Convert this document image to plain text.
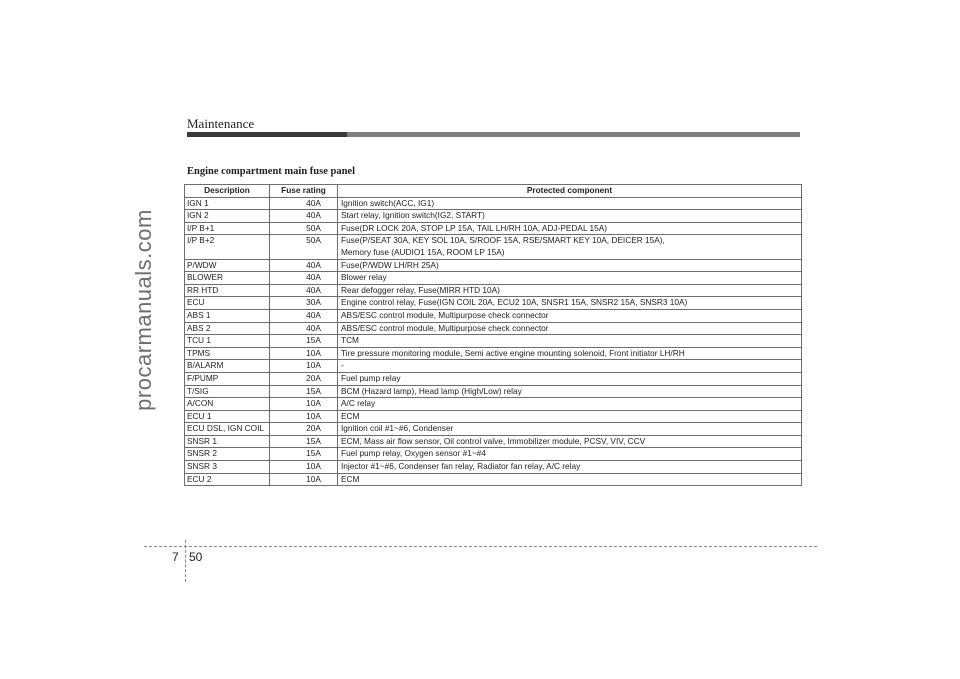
Maintenance
procarmanuals.com
Engine compartment main fuse panel
Description	Fuse rating	Protected component
IGN 1	40A	Ignition switch(ACC, IG1)
IGN 2	40A	Start relay, Ignition switch(IG2, START)
I/P B+1	50A	Fuse(DR LOCK 20A, STOP LP 15A, TAIL LH/RH 10A, ADJ-PEDAL 15A)
I/P B+2	50A	Fuse(P/SEAT 30A, KEY SOL 10A, S/ROOF 15A, RSE/SMART KEY 10A, DEICER 15A),
Memory fuse (AUDIO1 15A, ROOM LP 15A)
P/WDW	40A	Fuse(P/WDW LH/RH 25A)
BLOWER	40A	Blower relay
RR HTD	40A	Rear defogger relay, Fuse(MIRR HTD 10A)
ECU	30A	Engine control relay, Fuse(IGN COIL 20A, ECU2 10A, SNSR1 15A, SNSR2 15A, SNSR3 10A)
ABS 1	40A	ABS/ESC control module, Multipurpose check connector
ABS 2	40A	ABS/ESC control module, Multipurpose check connector
TCU 1	15A	TCM
TPMS	10A	Tire pressure monitoring module, Semi active engine mounting solenoid, Front initiator LH/RH
B/ALARM	10A	-
F/PUMP	20A	Fuel pump relay
T/SIG	15A	BCM (Hazard lamp), Head lamp (High/Low) relay
A/CON	10A	A/C relay
ECU 1	10A	ECM
ECU DSL, IGN COIL	20A	Ignition coil #1~#6, Condenser
SNSR 1	15A	ECM, Mass air flow sensor, Oil control valve, Immobilizer module, PCSV, VIV, CCV
SNSR 2	15A	Fuel pump relay, Oxygen sensor #1~#4
SNSR 3	10A	Injector #1~#6, Condenser fan relay, Radiator fan relay, A/C relay
ECU 2	10A	ECM
7 50
